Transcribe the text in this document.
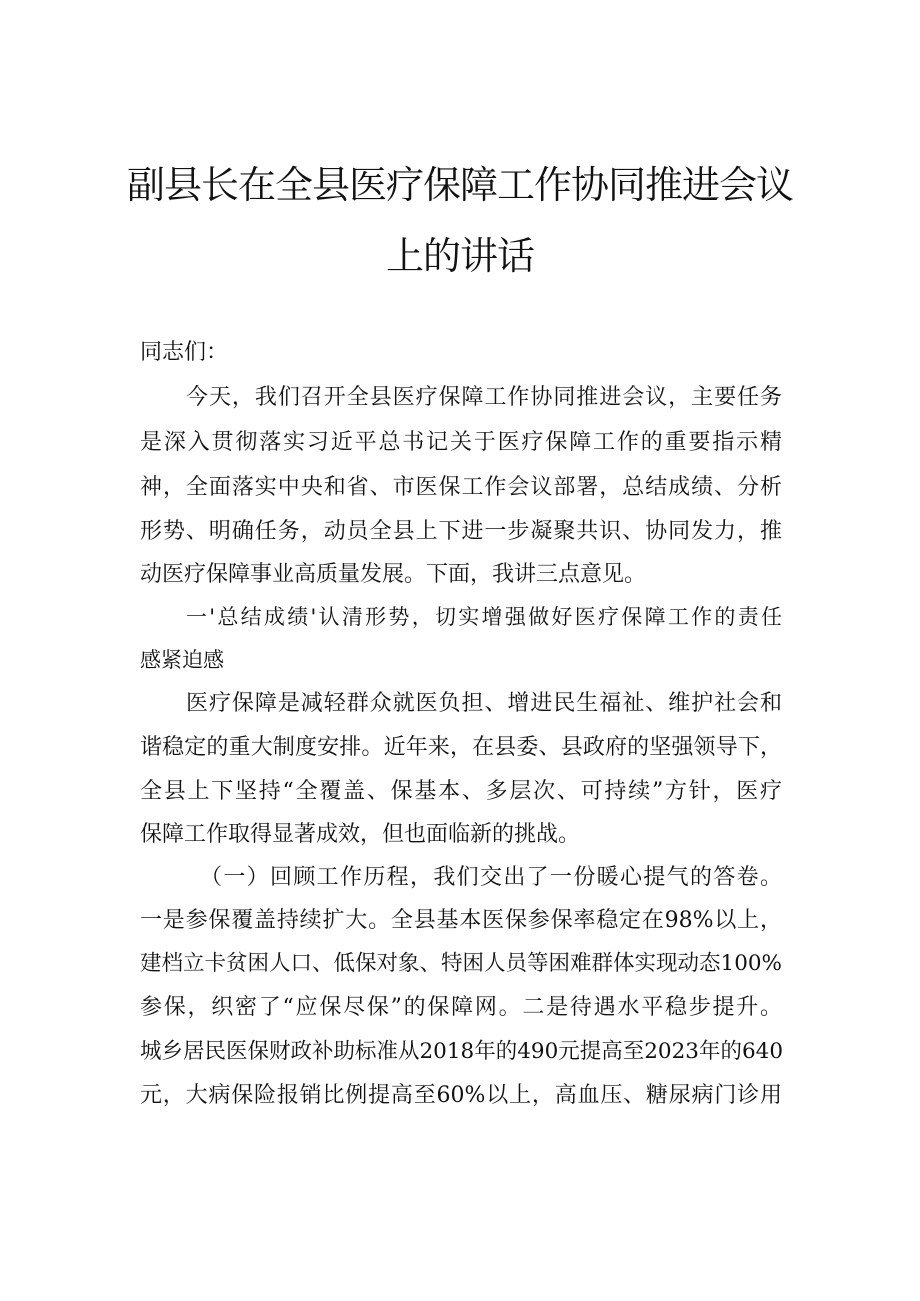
副县长在全县医疗保障工作协同推进会议
上的讲话
同志们：
今天，我们召开全县医疗保障工作协同推进会议，主要任务
是深入贯彻落实习近平总书记关于医疗保障工作的重要指示精
神，全面落实中央和省、市医保工作会议部署，总结成绩、分析
形势、明确任务，动员全县上下进一步凝聚共识、协同发力，推
动医疗保障事业高质量发展。下面，我讲三点意见。
一'总结成绩'认清形势，切实增强做好医疗保障工作的责任
感紧迫感
医疗保障是减轻群众就医负担、增进民生福祉、维护社会和
谐稳定的重大制度安排。近年来，在县委、县政府的坚强领导下，
全县上下坚持“全覆盖、保基本、多层次、可持续”方针，医疗
保障工作取得显著成效，但也面临新的挑战。
（一）回顾工作历程，我们交出了一份暖心提气的答卷。
一是参保覆盖持续扩大。全县基本医保参保率稳定在98%以上，
建档立卡贫困人口、低保对象、特困人员等困难群体实现动态100%
参保，织密了“应保尽保”的保障网。二是待遇水平稳步提升。
城乡居民医保财政补助标准从2018年的490元提高至2023年的640
元，大病保险报销比例提高至60%以上，高血压、糖尿病门诊用
